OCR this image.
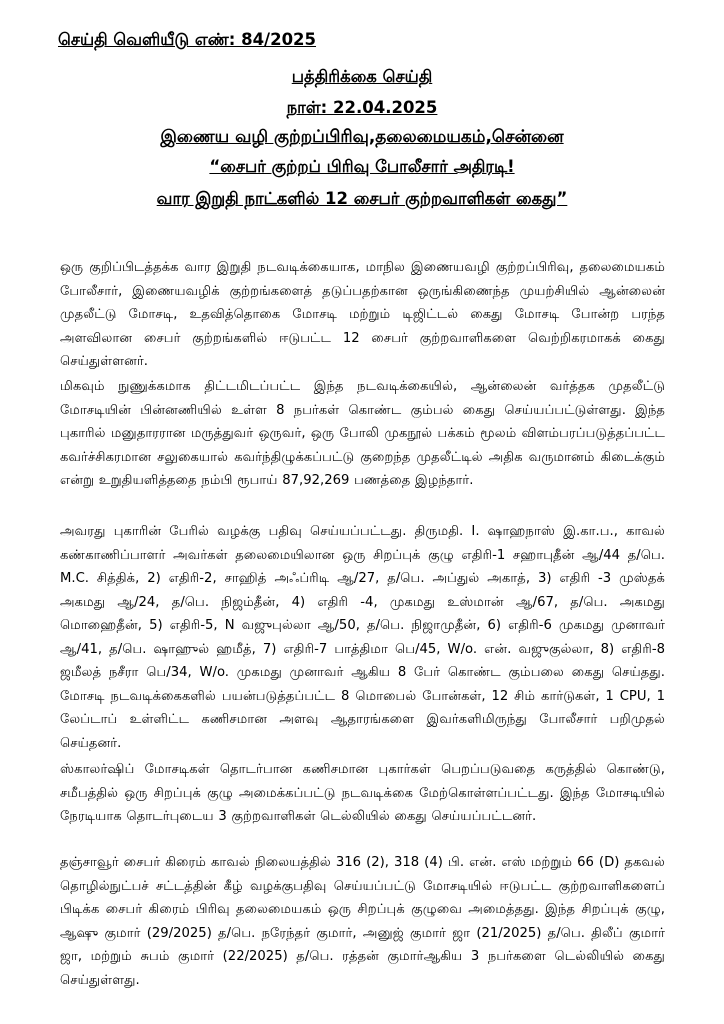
செய்தி வெளியீடு எண்: 84/2025
பத்திரிக்கை செய்தி
நாள்: 22.04.2025
இணைய வழி குற்றப்பிரிவு,தலைமையகம்,சென்னை
“சைபர் குற்றப் பிரிவு போலீசார் அதிரடி!
வார இறுதி நாட்களில் 12 சைபர் குற்றவாளிகள் கைது”
ஒரு குறிப்பிடத்தக்க வார இறுதி நடவடிக்கையாக, மாநில இணையவழி குற்றப்பிரிவு, தலைமையகம் போலீசார், இணையவழிக் குற்றங்களைத் தடுப்பதற்கான ஒருங்கிணைந்த முயற்சியில் ஆன்லைன் முதலீட்டு மோசடி, உதவித்தொகை மோசடி மற்றும் டிஜிட்டல் கைது மோசடி போன்ற பரந்த அளவிலான சைபர் குற்றங்களில் ஈடுபட்ட 12 சைபர் குற்றவாளிகளை வெற்றிகரமாகக் கைது செய்துள்ளனர்.
மிகவும் நுணுக்கமாக திட்டமிடப்பட்ட இந்த நடவடிக்கையில், ஆன்லைன் வர்த்தக முதலீட்டு மோசடியின் பின்னணியில் உள்ள 8 நபர்கள் கொண்ட கும்பல் கைது செய்யப்பட்டுள்ளது. இந்த புகாரில் மனுதாரரான மருத்துவர் ஒருவர், ஒரு போலி முகநூல் பக்கம் மூலம் விளம்பரப்படுத்தப்பட்ட கவர்ச்சிகரமான சலுகையால் கவர்ந்திழுக்கப்பட்டு குறைந்த முதலீட்டில் அதிக வருமானம் கிடைக்கும் என்று உறுதியளித்ததை நம்பி ரூபாய் 87,92,269 பணத்தை இழந்தார்.
அவரது புகாரின் பேரில் வழக்கு பதிவு செய்யப்பட்டது. திருமதி. I. ஷாஹநாஸ் இ.கா.ப., காவல் கண்காணிப்பாளர் அவர்கள் தலைமையிலான ஒரு சிறப்புக் குழு எதிரி-1 சஹாபுதீன் ஆ/44 த/பெ. M.C. சித்திக், 2) எதிரி-2, சாஹித் அஃப்ரிடி ஆ/27, த/பெ. அப்துல் அகாத், 3) எதிரி -3 முஸ்தக் அகமது ஆ/24, த/பெ. நிஜம்தீன், 4) எதிரி -4, முகமது உஸ்மான் ஆ/67, த/பெ. அகமது மொஹைதீன், 5) எதிரி-5, N வஜுபுல்லா ஆ/50, த/பெ. நிஜாமுதீன், 6) எதிரி-6 முகமது முனாவர் ஆ/41, த/பெ. ஷாஹுல் ஹமீத், 7) எதிரி-7 பாத்திமா பெ/45, W/o. என். வஜுகுல்லா, 8) எதிரி-8 ஜமீலத் நசீரா பெ/34, W/o. முகமது முனாவர் ஆகிய 8 பேர் கொண்ட கும்பலை கைது செய்தது. மோசடி நடவடிக்கைகளில் பயன்படுத்தப்பட்ட 8 மொபைல் போன்கள், 12 சிம் கார்டுகள், 1 CPU, 1 லேப்டாப் உள்ளிட்ட கணிசமான அளவு ஆதாரங்களை இவர்களிமிருந்து போலீசார் பறிமுதல் செய்தனர்.
ஸ்காலர்ஷிப் மோசடிகள் தொடர்பான கணிசமான புகார்கள் பெறப்படுவதை கருத்தில் கொண்டு, சமீபத்தில் ஒரு சிறப்புக் குழு அமைக்கப்பட்டு நடவடிக்கை மேற்கொள்ளப்பட்டது. இந்த மோசடியில் நேரடியாக தொடர்புடைய 3 குற்றவாளிகள் டெல்லியில் கைது செய்யப்பட்டனர்.
தஞ்சாவூர் சைபர் கிரைம் காவல் நிலையத்தில் 316 (2), 318 (4) பி. என். எஸ் மற்றும் 66 (D) தகவல் தொழில்நுட்பச் சட்டத்தின் கீழ் வழக்குபதிவு செய்யப்பட்டு மோசடியில் ஈடுபட்ட குற்றவாளிகளைப் பிடிக்க சைபர் கிரைம் பிரிவு தலைமையகம் ஒரு சிறப்புக் குழுவை அமைத்தது. இந்த சிறப்புக் குழு, ஆஷு குமார் (29/2025) த/பெ. நரேந்தர் குமார், அனுஜ் குமார் ஜா (21/2025) த/பெ. திலீப் குமார் ஜா, மற்றும் சுபம் குமார் (22/2025) த/பெ. ரத்தன் குமார்ஆகிய 3 நபர்களை டெல்லியில் கைது செய்துள்ளது.
